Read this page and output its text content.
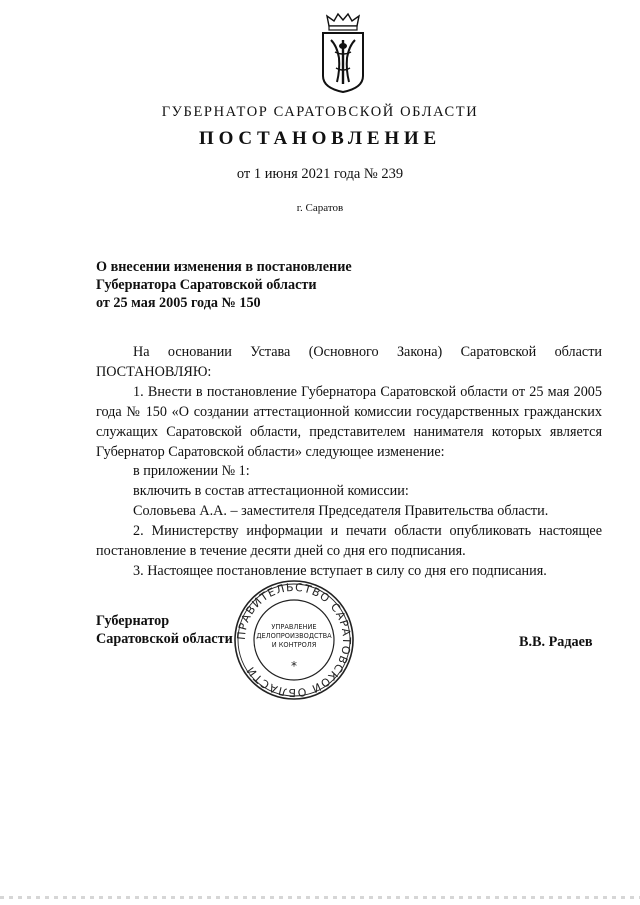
ГУБЕРНАТОР САРАТОВСКОЙ ОБЛАСТИ
ПОСТАНОВЛЕНИЕ
от 1 июня 2021 года № 239
г. Саратов
О внесении изменения в постановление
Губернатора Саратовской области
от 25 мая 2005 года № 150

На основании Устава (Основного Закона) Саратовской области

ПОСТАНОВЛЯЮ:

1. Внести в постановление Губернатора Саратовской области от 25 мая 2005 года № 150 «О создании аттестационной комиссии государственных гражданских служащих Саратовской области, представителем нанимателя которых является Губернатор Саратовской области» следующее изменение:

в приложении № 1:

включить в состав аттестационной комиссии:

Соловьева А.А. – заместителя Председателя Правительства области.

2. Министерству информации и печати области опубликовать настоящее постановление в течение десяти дней со дня его подписания.

3. Настоящее постановление вступает в силу со дня его подписания.

Губернатор
Саратовской области	В.В. Радаев
ПРАВИТЕЛЬСТВО САРАТОВСКОЙ ОБЛАСТИ
УПРАВЛЕНИЕ
ДЕЛОПРОИЗВОДСТВА
И КОНТРОЛЯ
*
